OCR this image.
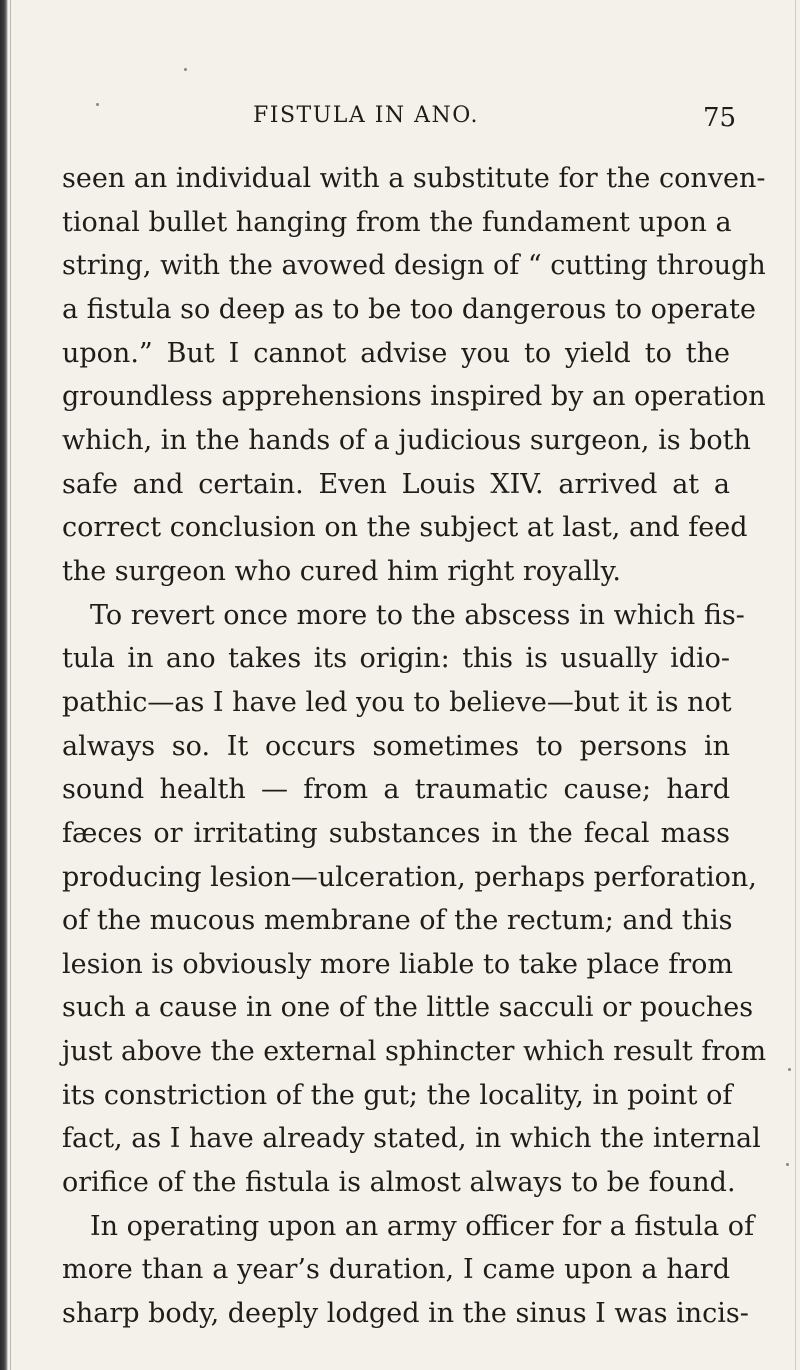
FISTULA IN ANO.	75
seen an individual with a substitute for the conven-
tional bullet hanging from the fundament upon a
string, with the avowed design of “ cutting through
a fistula so deep as to be too dangerous to operate
upon.” But I cannot advise you to yield to the
groundless apprehensions inspired by an operation
which, in the hands of a judicious surgeon, is both
safe and certain. Even Louis XIV. arrived at a
correct conclusion on the subject at last, and feed
the surgeon who cured him right royally.
To revert once more to the abscess in which fis-
tula in ano takes its origin: this is usually idio-
pathic—as I have led you to believe—but it is not
always so. It occurs sometimes to persons in
sound health — from a traumatic cause; hard
fæces or irritating substances in the fecal mass
producing lesion—ulceration, perhaps perforation,
of the mucous membrane of the rectum; and this
lesion is obviously more liable to take place from
such a cause in one of the little sacculi or pouches
just above the external sphincter which result from
its constriction of the gut; the locality, in point of
fact, as I have already stated, in which the internal
orifice of the fistula is almost always to be found.
In operating upon an army officer for a fistula of
more than a year’s duration, I came upon a hard
sharp body, deeply lodged in the sinus I was incis-
